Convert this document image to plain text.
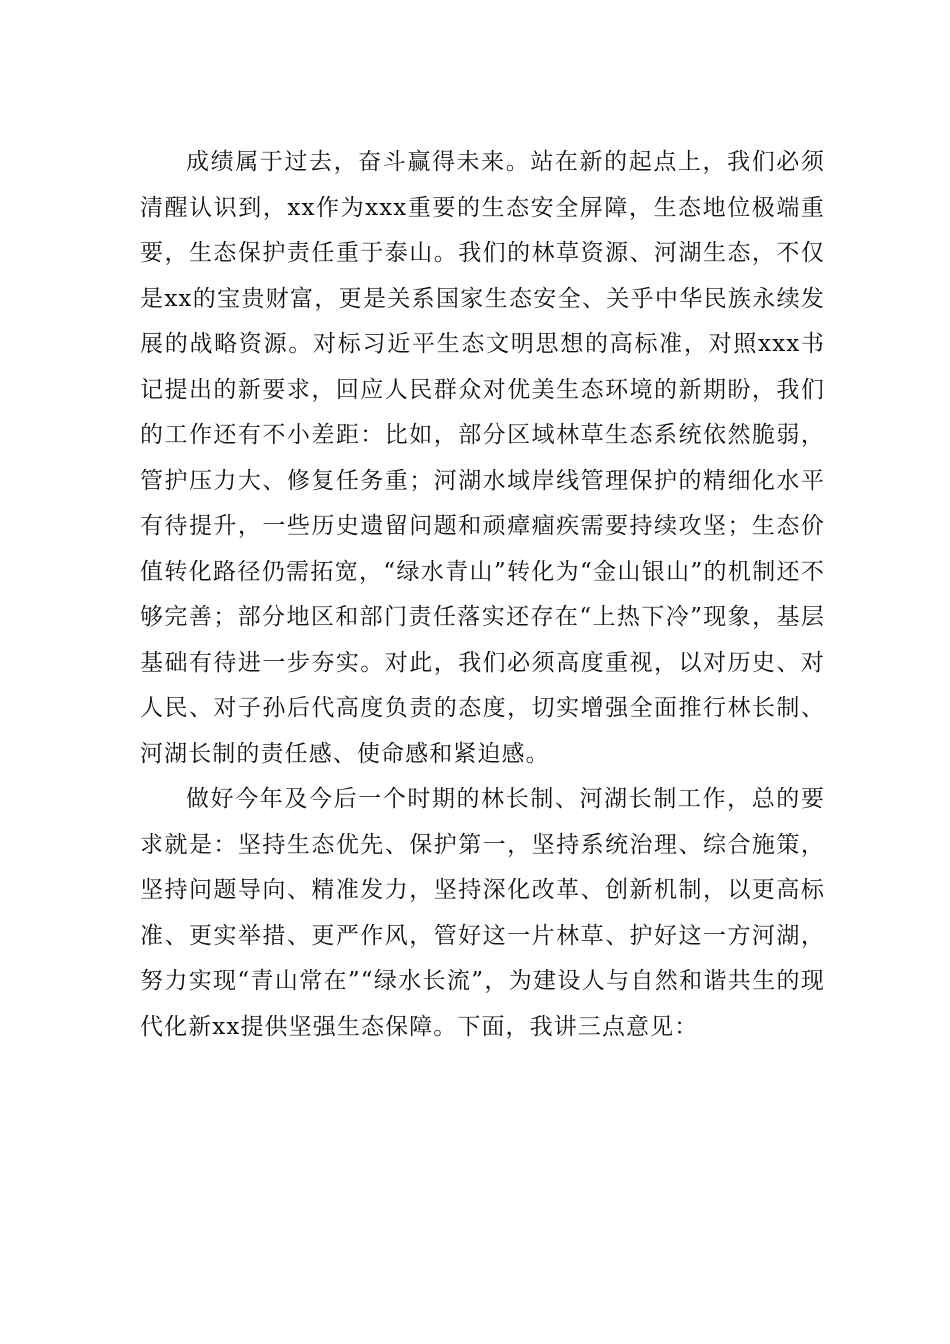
成绩属于过去，奋斗赢得未来。站在新的起点上，我们必须清醒认识到，xx作为xxx重要的生态安全屏障，生态地位极端重要，生态保护责任重于泰山。我们的林草资源、河湖生态，不仅是xx的宝贵财富，更是关系国家生态安全、关乎中华民族永续发展的战略资源。对标习近平生态文明思想的高标准，对照xxx书记提出的新要求，回应人民群众对优美生态环境的新期盼，我们的工作还有不小差距：比如，部分区域林草生态系统依然脆弱，管护压力大、修复任务重；河湖水域岸线管理保护的精细化水平有待提升，一些历史遗留问题和顽瘴痼疾需要持续攻坚；生态价值转化路径仍需拓宽，“绿水青山”转化为“金山银山”的机制还不够完善；部分地区和部门责任落实还存在“上热下冷”现象，基层基础有待进一步夯实。对此，我们必须高度重视，以对历史、对人民、对子孙后代高度负责的态度，切实增强全面推行林长制、河湖长制的责任感、使命感和紧迫感。

做好今年及今后一个时期的林长制、河湖长制工作，总的要求就是：坚持生态优先、保护第一，坚持系统治理、综合施策，坚持问题导向、精准发力，坚持深化改革、创新机制，以更高标准、更实举措、更严作风，管好这一片林草、护好这一方河湖，努力实现“青山常在”“绿水长流”，为建设人与自然和谐共生的现代化新xx提供坚强生态保障。下面，我讲三点意见：
